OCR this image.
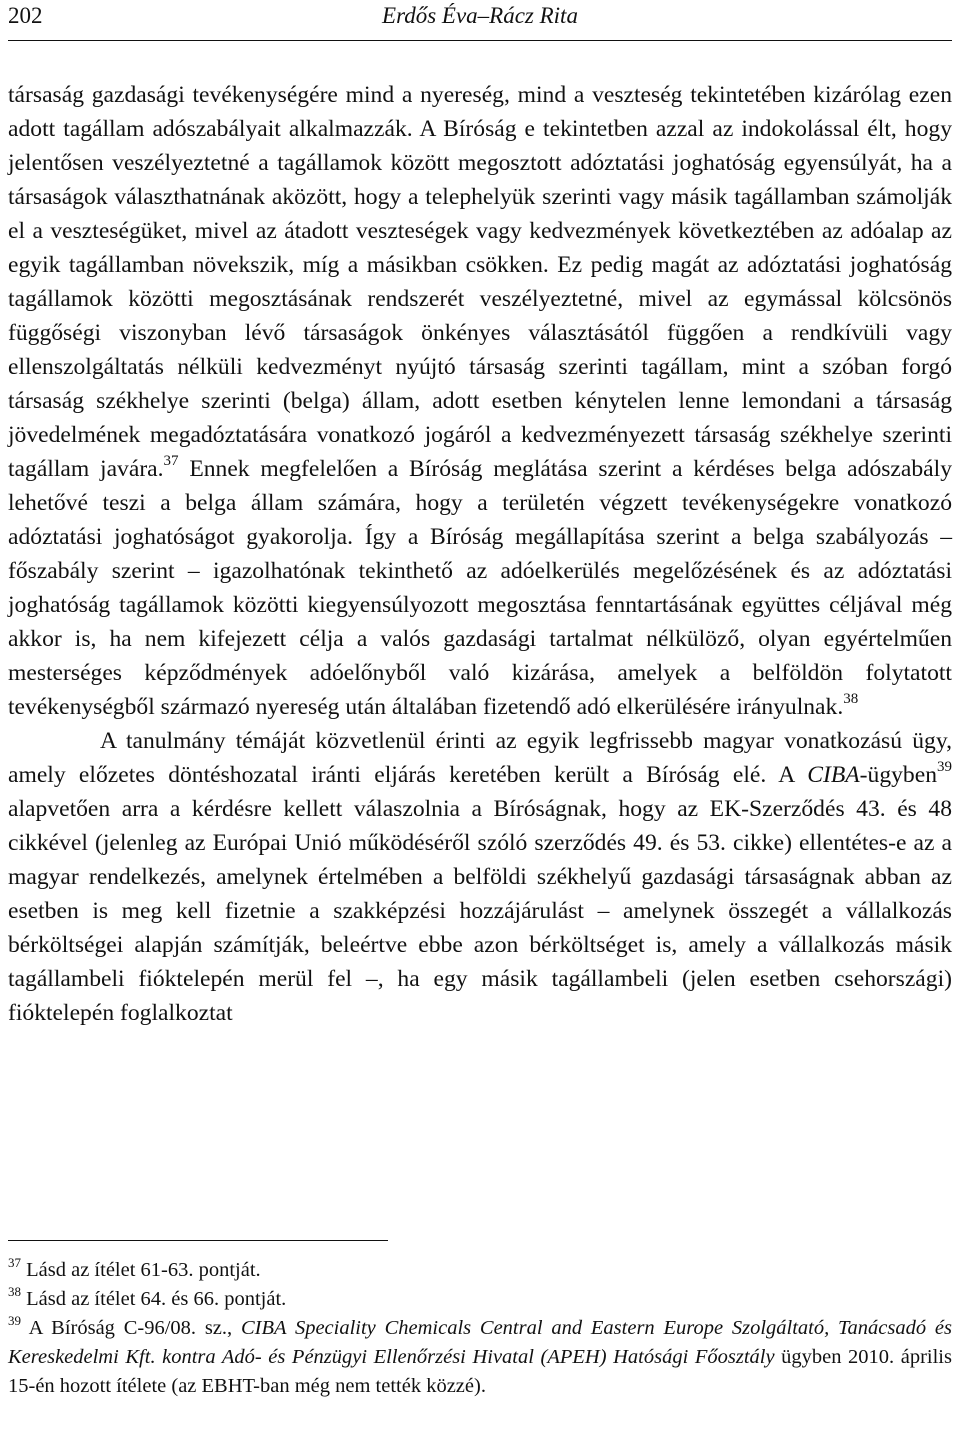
202	Erdős Éva–Rácz Rita

társaság gazdasági tevékenységére mind a nyereség, mind a veszteség tekintetében kizárólag ezen adott tagállam adószabályait alkalmazzák. A Bíróság e tekintetben azzal az indokolással élt, hogy jelentősen veszélyeztetné a tagállamok között megosztott adóztatási joghatóság egyensúlyát, ha a társaságok választhatnának aközött, hogy a telephelyük szerinti vagy másik tagállamban számolják el a veszteségüket, mivel az átadott veszteségek vagy kedvezmények következtében az adóalap az egyik tagállamban növekszik, míg a másikban csökken. Ez pedig magát az adóztatási joghatóság tagállamok közötti megosztásának rendszerét veszélyeztetné, mivel az egymással kölcsönös függőségi viszonyban lévő társaságok önkényes választásától függően a rendkívüli vagy ellenszolgáltatás nélküli kedvezményt nyújtó társaság szerinti tagállam, mint a szóban forgó társaság székhelye szerinti (belga) állam, adott esetben kénytelen lenne lemondani a társaság jövedelmének megadóztatására vonatkozó jogáról a kedvezményezett társaság székhelye szerinti tagállam javára.$^{37}$ Ennek megfelelően a Bíróság meglátása szerint a kérdéses belga adószabály lehetővé teszi a belga állam számára, hogy a területén végzett tevékenységekre vonatkozó adóztatási joghatóságot gyakorolja. Így a Bíróság megállapítása szerint a belga szabályozás – főszabály szerint – igazolhatónak tekinthető az adóelkerülés megelőzésének és az adóztatási joghatóság tagállamok közötti kiegyensúlyozott megosztása fenntartásának együttes céljával még akkor is, ha nem kifejezett célja a valós gazdasági tartalmat nélkülöző, olyan egyértelműen mesterséges képződmények adóelőnyből való kizárása, amelyek a belföldön folytatott tevékenységből származó nyereség után általában fizetendő adó elkerülésére irányulnak.$^{38}$

A tanulmány témáját közvetlenül érinti az egyik legfrissebb magyar vonatkozású ügy, amely előzetes döntéshozatal iránti eljárás keretében került a Bíróság elé. A CIBA-ügyben$^{39}$ alapvetően arra a kérdésre kellett válaszolnia a Bíróságnak, hogy az EK-Szerződés 43. és 48 cikkével (jelenleg az Európai Unió működéséről szóló szerződés 49. és 53. cikke) ellentétes-e az a magyar rendelkezés, amelynek értelmében a belföldi székhelyű gazdasági társaságnak abban az esetben is meg kell fizetnie a szakképzési hozzájárulást – amelynek összegét a vállalkozás bérköltségei alapján számítják, beleértve ebbe azon bérköltséget is, amely a vállalkozás másik tagállambeli fióktelepén merül fel –, ha egy másik tagállambeli (jelen esetben csehországi) fióktelepén foglalkoztat

$^{37}$ Lásd az ítélet 61-63. pontját.

$^{38}$ Lásd az ítélet 64. és 66. pontját.

$^{39}$ A Bíróság C-96/08. sz., CIBA Speciality Chemicals Central and Eastern Europe Szolgáltató, Tanácsadó és Kereskedelmi Kft. kontra Adó- és Pénzügyi Ellenőrzési Hivatal (APEH) Hatósági Főosztály ügyben 2010. április 15-én hozott ítélete (az EBHT-ban még nem tették közzé).
